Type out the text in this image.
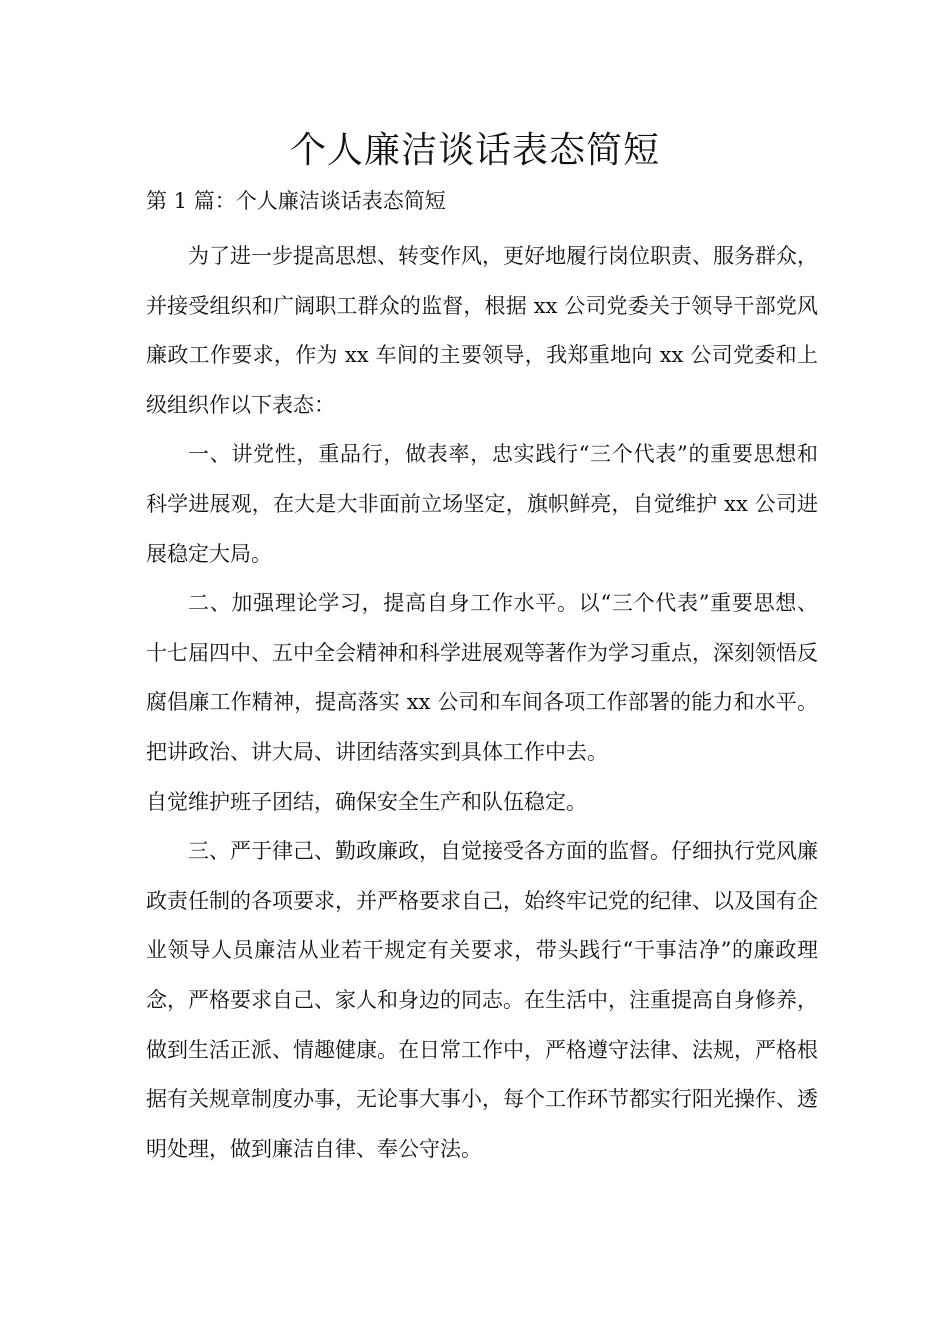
个人廉洁谈话表态简短

第 1 篇：个人廉洁谈话表态简短

为了进一步提高思想、转变作风，更好地履行岗位职责、服务群众，并接受组织和广阔职工群众的监督，根据 xx 公司党委关于领导干部党风廉政工作要求，作为 xx 车间的主要领导，我郑重地向 xx 公司党委和上级组织作以下表态：

一、讲党性，重品行，做表率，忠实践行“三个代表”的重要思想和科学进展观，在大是大非面前立场坚定，旗帜鲜亮，自觉维护 xx 公司进展稳定大局。

二、加强理论学习，提高自身工作水平。以“三个代表”重要思想、十七届四中、五中全会精神和科学进展观等著作为学习重点，深刻领悟反腐倡廉工作精神，提高落实 xx 公司和车间各项工作部署的能力和水平。把讲政治、讲大局、讲团结落实到具体工作中去。

自觉维护班子团结，确保安全生产和队伍稳定。

三、严于律己、勤政廉政，自觉接受各方面的监督。仔细执行党风廉政责任制的各项要求，并严格要求自己，始终牢记党的纪律、以及国有企业领导人员廉洁从业若干规定有关要求，带头践行“干事洁净”的廉政理念，严格要求自己、家人和身边的同志。在生活中，注重提高自身修养，做到生活正派、情趣健康。在日常工作中，严格遵守法律、法规，严格根据有关规章制度办事，无论事大事小，每个工作环节都实行阳光操作、透明处理，做到廉洁自律、奉公守法。
